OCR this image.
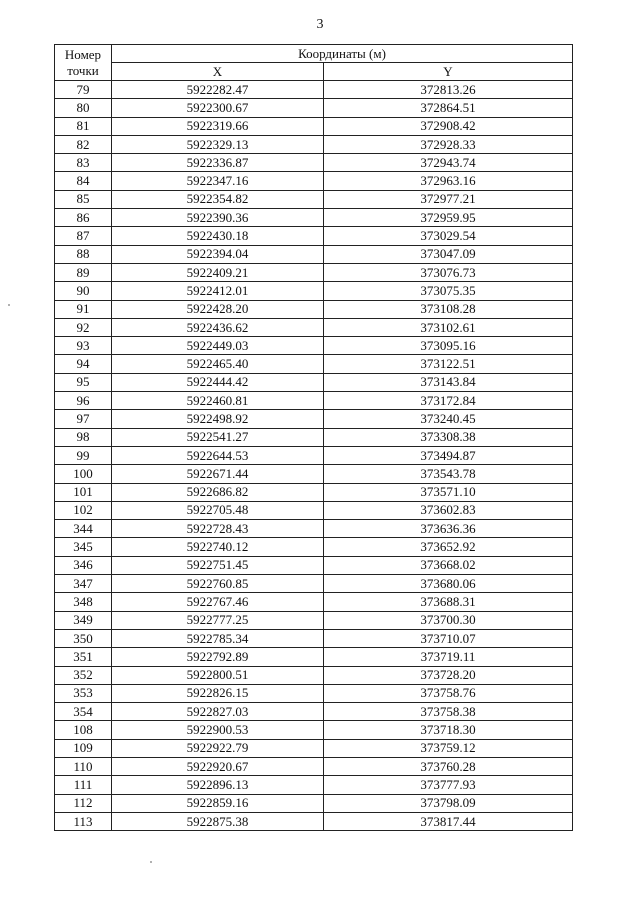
3
Номер
точки	Координаты (м)	
	X	Y
79	5922282.47	372813.26
80	5922300.67	372864.51
81	5922319.66	372908.42
82	5922329.13	372928.33
83	5922336.87	372943.74
84	5922347.16	372963.16
85	5922354.82	372977.21
86	5922390.36	372959.95
87	5922430.18	373029.54
88	5922394.04	373047.09
89	5922409.21	373076.73
90	5922412.01	373075.35
91	5922428.20	373108.28
92	5922436.62	373102.61
93	5922449.03	373095.16
94	5922465.40	373122.51
95	5922444.42	373143.84
96	5922460.81	373172.84
97	5922498.92	373240.45
98	5922541.27	373308.38
99	5922644.53	373494.87
100	5922671.44	373543.78
101	5922686.82	373571.10
102	5922705.48	373602.83
344	5922728.43	373636.36
345	5922740.12	373652.92
346	5922751.45	373668.02
347	5922760.85	373680.06
348	5922767.46	373688.31
349	5922777.25	373700.30
350	5922785.34	373710.07
351	5922792.89	373719.11
352	5922800.51	373728.20
353	5922826.15	373758.76
354	5922827.03	373758.38
108	5922900.53	373718.30
109	5922922.79	373759.12
110	5922920.67	373760.28
111	5922896.13	373777.93
112	5922859.16	373798.09
113	5922875.38	373817.44
